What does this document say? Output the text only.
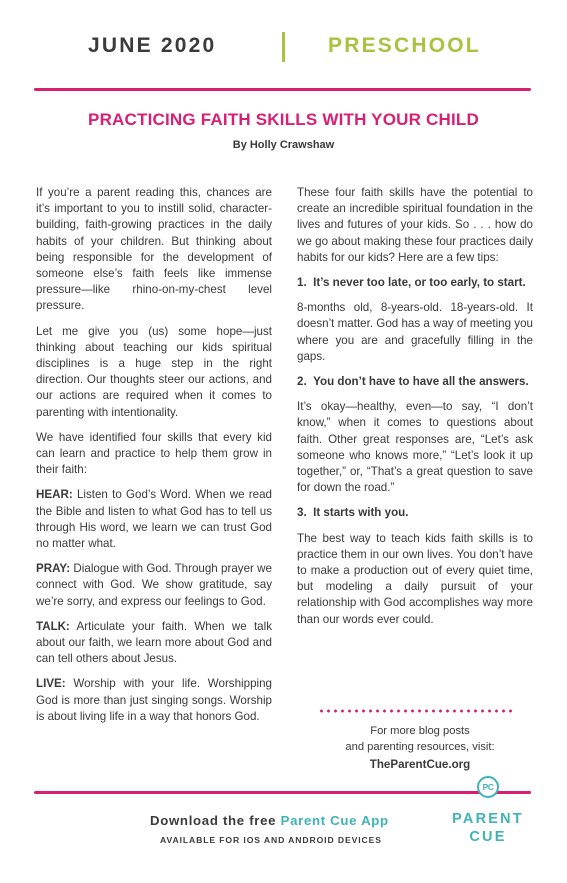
JUNE 2020	PRESCHOOL
PRACTICING FAITH SKILLS WITH YOUR CHILD
By Holly Crawshaw

If you’re a parent reading this, chances are it’s important to you to instill solid, character-building, faith-growing practices in the daily habits of your children. But thinking about being responsible for the development of someone else’s faith feels like immense pressure—like rhino-on-my-chest level pressure.

Let me give you (us) some hope—just thinking about teaching our kids spiritual disciplines is a huge step in the right direction. Our thoughts steer our actions, and our actions are required when it comes to parenting with intentionality.

We have identified four skills that every kid can learn and practice to help them grow in their faith:

HEAR: Listen to God’s Word. When we read the Bible and listen to what God has to tell us through His word, we learn we can trust God no matter what.

PRAY: Dialogue with God. Through prayer we connect with God. We show gratitude, say we’re sorry, and express our feelings to God.

TALK: Articulate your faith. When we talk about our faith, we learn more about God and can tell others about Jesus.

LIVE: Worship with your life. Worshipping God is more than just singing songs. Worship is about living life in a way that honors God.

These four faith skills have the potential to create an incredible spiritual foundation in the lives and futures of your kids. So . . . how do we go about making these four practices daily habits for our kids? Here are a few tips:

1.  It’s never too late, or too early, to start.

8-months old, 8-years-old. 18-years-old. It doesn’t matter. God has a way of meeting you where you are and gracefully filling in the gaps.

2.  You don’t have to have all the answers.

It’s okay—healthy, even—to say, “I don’t know,” when it comes to questions about faith. Other great responses are, “Let’s ask someone who knows more,” “Let’s look it up together,” or, “That’s a great question to save for down the road.”

3.  It starts with you.

The best way to teach kids faith skills is to practice them in our own lives. You don’t have to make a production out of every quiet time, but modeling a daily pursuit of your relationship with God accomplishes way more than our words ever could.

For more blog posts
and parenting resources, visit:
TheParentCue.org
Download the free Parent Cue App
AVAILABLE FOR IOS AND ANDROID DEVICES
PC
PARENT
CUE
